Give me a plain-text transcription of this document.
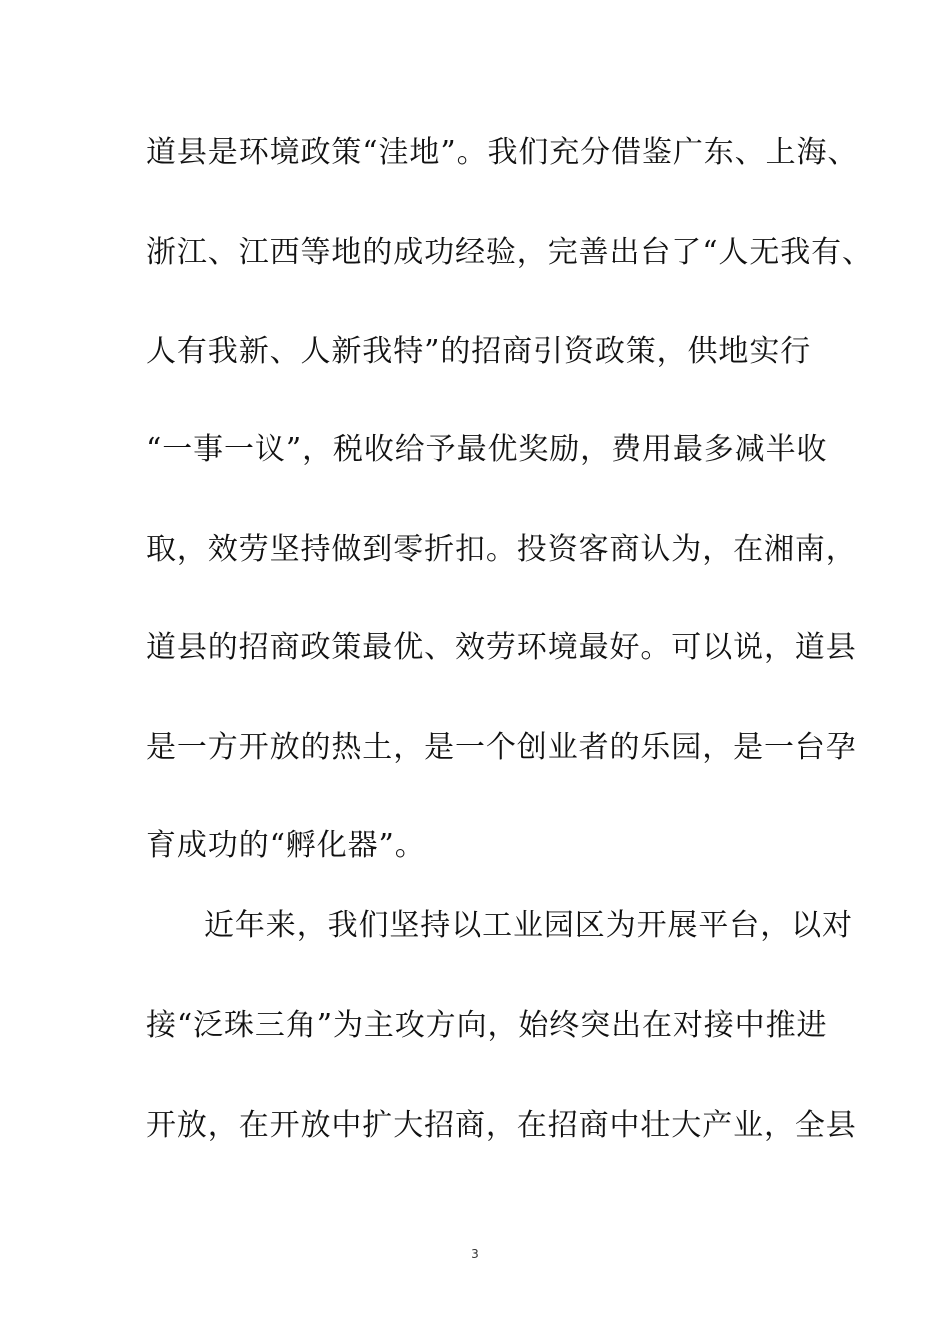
道县是环境政策“洼地”。我们充分借鉴广东、上海、
浙江、江西等地的成功经验，完善出台了“人无我有、
人有我新、人新我特”的招商引资政策，供地实行
“一事一议”，税收给予最优奖励，费用最多减半收
取，效劳坚持做到零折扣。投资客商认为，在湘南，
道县的招商政策最优、效劳环境最好。可以说，道县
是一方开放的热土，是一个创业者的乐园，是一台孕
育成功的“孵化器”。
近年来，我们坚持以工业园区为开展平台，以对
接“泛珠三角”为主攻方向，始终突出在对接中推进
开放，在开放中扩大招商，在招商中壮大产业，全县
3
